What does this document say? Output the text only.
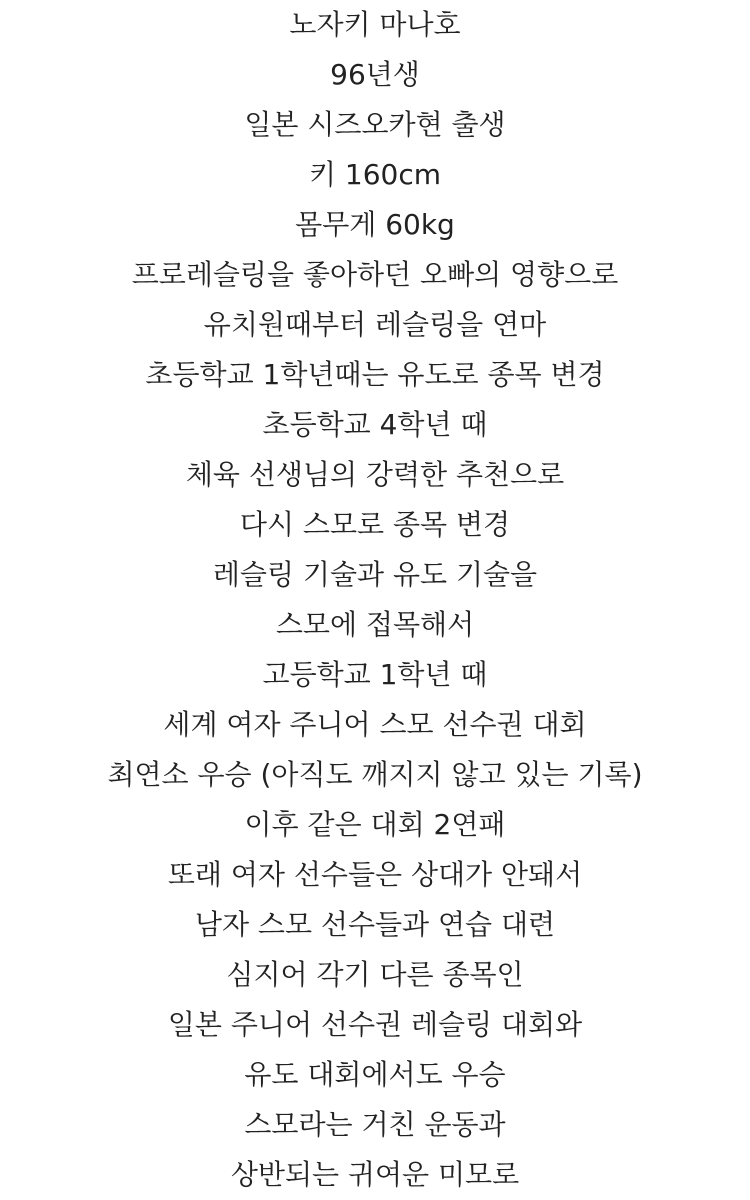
노자키 마나호
96년생
일본 시즈오카현 출생
키 160cm
몸무게 60kg
프로레슬링을 좋아하던 오빠의 영향으로
유치원때부터 레슬링을 연마
초등학교 1학년때는 유도로 종목 변경
초등학교 4학년 때
체육 선생님의 강력한 추천으로
다시 스모로 종목 변경
레슬링 기술과 유도 기술을
스모에 접목해서
고등학교 1학년 때
세계 여자 주니어 스모 선수권 대회
최연소 우승 (아직도 깨지지 않고 있는 기록)
이후 같은 대회 2연패
또래 여자 선수들은 상대가 안돼서
남자 스모 선수들과 연습 대련
심지어 각기 다른 종목인
일본 주니어 선수권 레슬링 대회와
유도 대회에서도 우승
스모라는 거친 운동과
상반되는 귀여운 미모로
